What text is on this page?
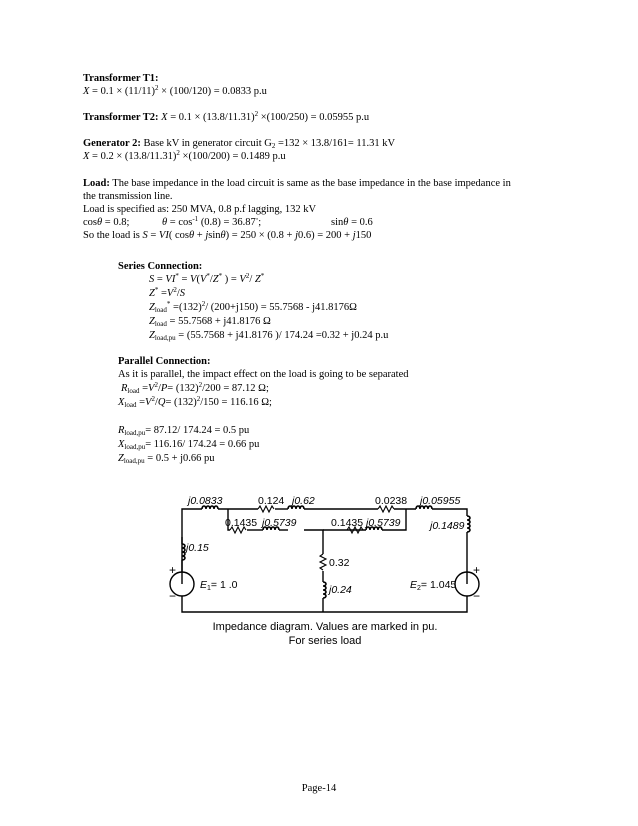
Transformer T1:
$X = 0.1 \times (11/11)^2 \times (100/120) = 0.0833$ p.u
Transformer T2: $X = 0.1 \times (13.8/11.31)^2 \times(100/250) = 0.05955$ p.u
Generator 2: Base kV in generator circuit $G_2 =132 \times 13.8/161= 11.31$ kV
$X = 0.2 \times (13.8/11.31)^2 \times(100/200) = 0.1489$ p.u
Load: The base impedance in the load circuit is same as the base impedance in the base impedance in
the transmission line.
Load is specified as: 250 MVA, 0.8 p.f lagging, 132 kV
cosθ = 0.8;	$\theta = \cos^{-1} (0.8) = 36.87^◦$;	sinθ = 0.6
So the load is S = VI( cosθ + jsinθ) = 250 × (0.8 + j0.6) = 200 + j150
Series Connection:
S = VI* = V(V*/Z* ) = $V^2/$ Z*
$Z^* =V^2/S$
$Z_{load}^* =(132)^2/$ (200+j150) = 55.7568 - j41.8176Ω
$Z_{load} = 55.7568 + j41.8176$ Ω
$Z_{load,pu} = (55.7568 + j41.8176$ )/ 174.24 =0.32 + j0.24 p.u
Parallel Connection:
As it is parallel, the impact effect on the load is going to be separated
$R_{load} =V^2/P= (132)^2/200 = 87.12$ Ω;
$X_{load} =V^2/Q= (132)^2/150 = 116.16$ Ω;
$R_{load,pu}= 87.12/$ 174.24 = 0.5 pu
$X_{load,pu}= 116.16/$ 174.24 = 0.66 pu
$Z_{load,pu} = 0.5 + j0.66$ pu
j0.0833	0.124 j0.62	0.0238 j0.05955
0.1435 j0.5739	0.1435 j0.5739	j0.1489
j0.15
0.32
j0.24
E1= 1 .0	E2= 1.045
+
−
+
−
Impedance diagram. Values are marked in pu.
For series load
Page-14
